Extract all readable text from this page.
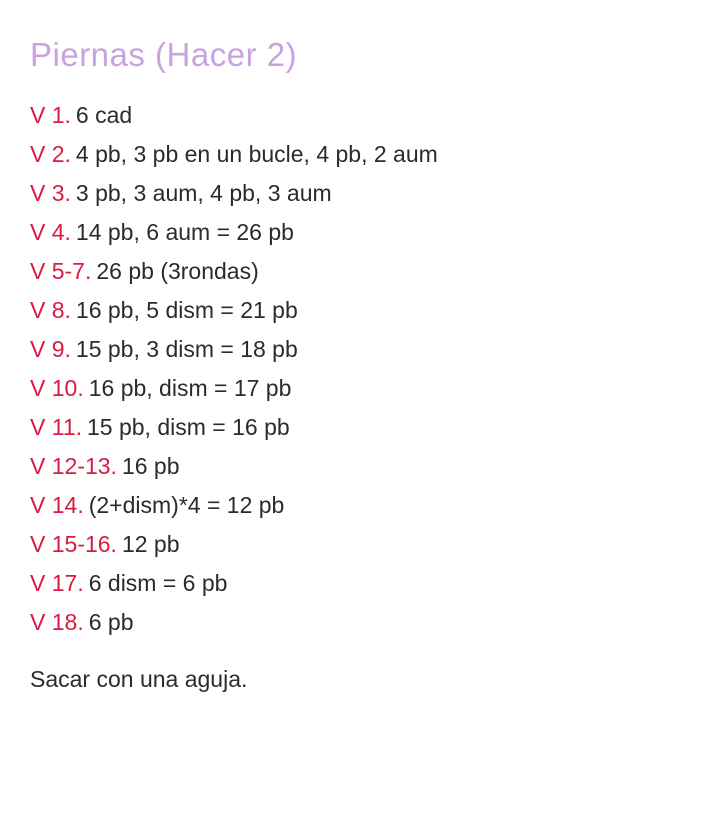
Piernas (Hacer 2)
V 1. 6 cad
V 2. 4 pb, 3 pb en un bucle, 4 pb, 2 aum
V 3. 3 pb, 3 aum, 4 pb, 3 aum
V 4. 14 pb, 6 aum = 26 pb
V 5-7. 26 pb (3rondas)
V 8. 16 pb, 5 dism = 21 pb
V 9. 15 pb, 3 dism = 18 pb
V 10. 16 pb, dism = 17 pb
V 11. 15 pb, dism = 16 pb
V 12-13. 16 pb
V 14. (2+dism)*4 = 12 pb
V 15-16. 12 pb
V 17. 6 dism = 6 pb
V 18. 6 pb
Sacar con una aguja.
